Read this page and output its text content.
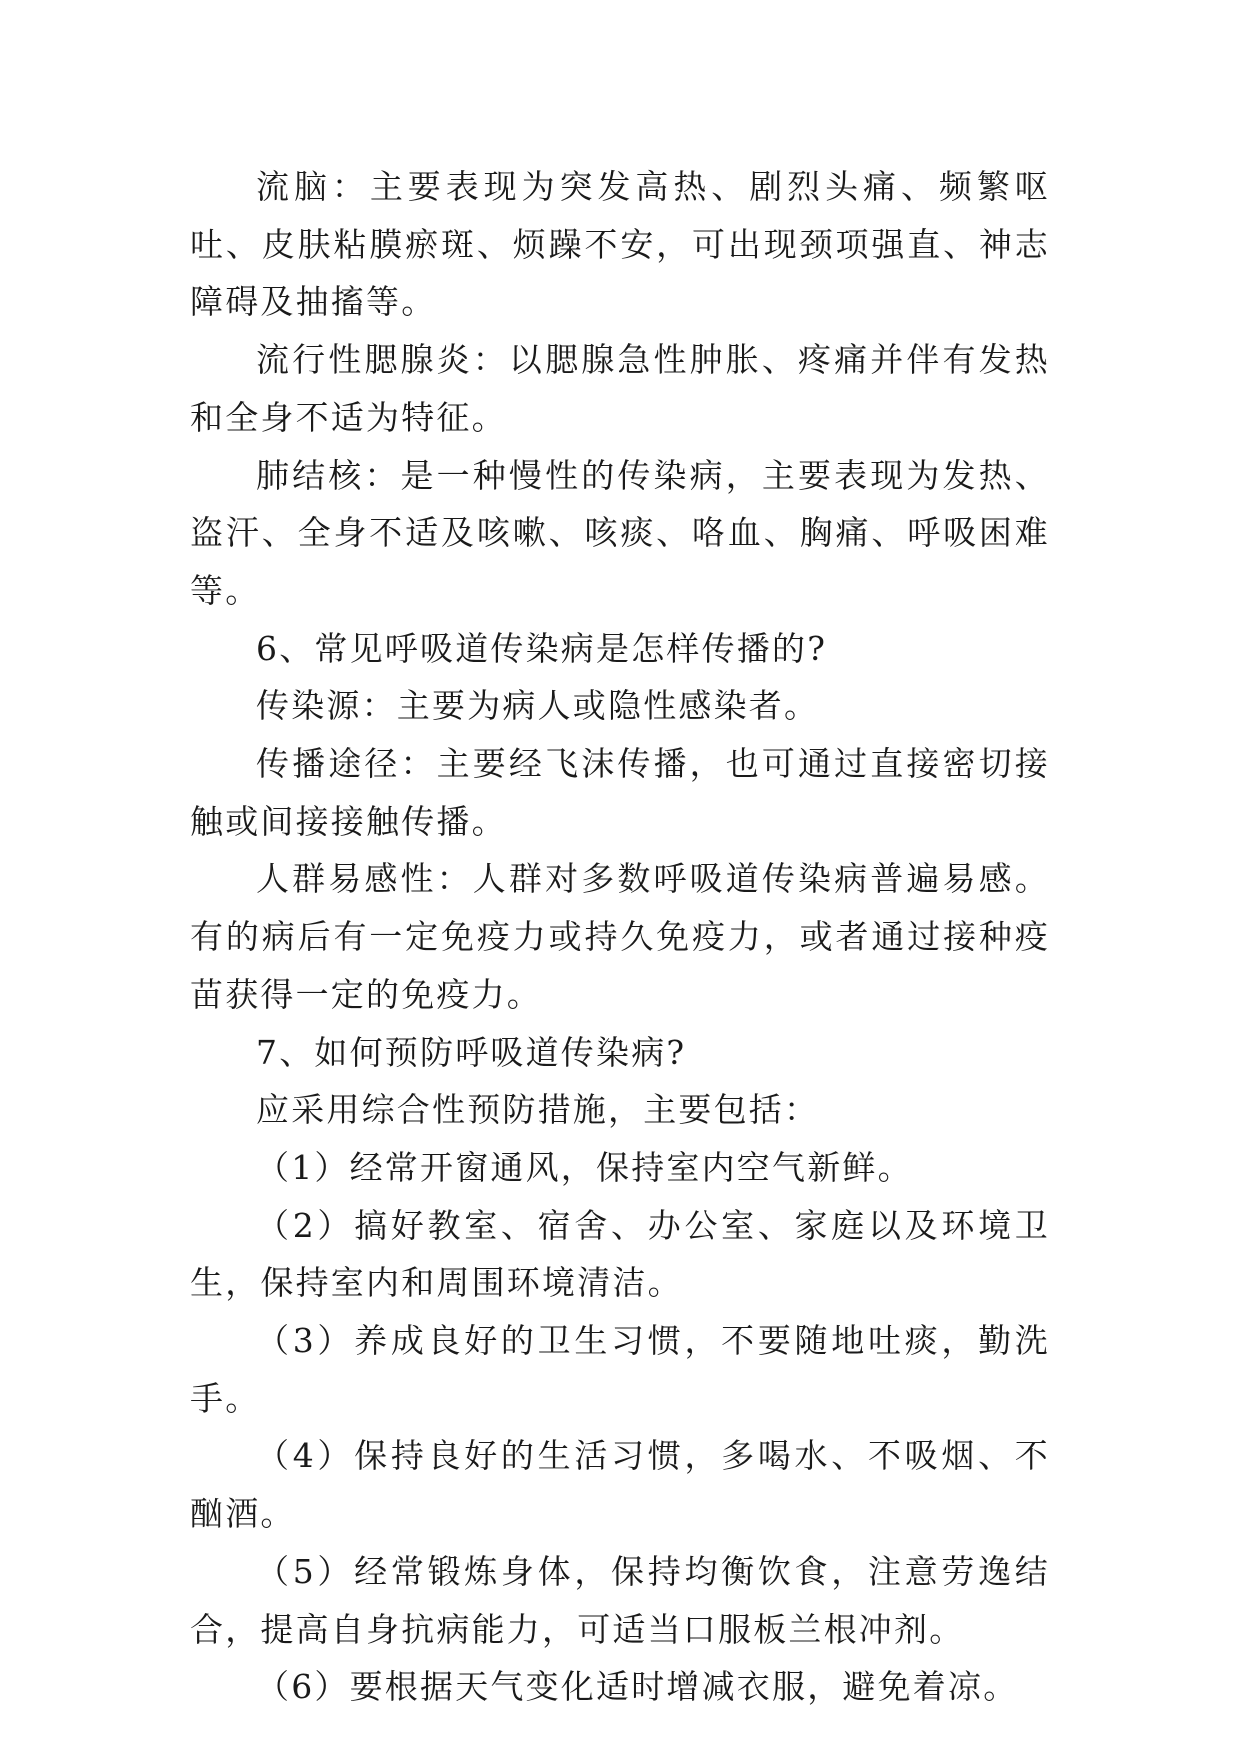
流脑：主要表现为突发高热、剧烈头痛、频繁呕吐、皮肤粘膜瘀斑、烦躁不安，可出现颈项强直、神志障碍及抽搐等。

流行性腮腺炎：以腮腺急性肿胀、疼痛并伴有发热和全身不适为特征。

肺结核：是一种慢性的传染病，主要表现为发热、盗汗、全身不适及咳嗽、咳痰、咯血、胸痛、呼吸困难等。

6、常见呼吸道传染病是怎样传播的?

传染源：主要为病人或隐性感染者。

传播途径：主要经飞沫传播，也可通过直接密切接触或间接接触传播。

人群易感性：人群对多数呼吸道传染病普遍易感。有的病后有一定免疫力或持久免疫力，或者通过接种疫苗获得一定的免疫力。

7、如何预防呼吸道传染病?

应采用综合性预防措施，主要包括：

（1）经常开窗通风，保持室内空气新鲜。

（2）搞好教室、宿舍、办公室、家庭以及环境卫生，保持室内和周围环境清洁。

（3）养成良好的卫生习惯，不要随地吐痰，勤洗手。

（4）保持良好的生活习惯，多喝水、不吸烟、不酗酒。

（5）经常锻炼身体，保持均衡饮食，注意劳逸结合，提高自身抗病能力，可适当口服板兰根冲剂。

（6）要根据天气变化适时增减衣服，避免着凉。
